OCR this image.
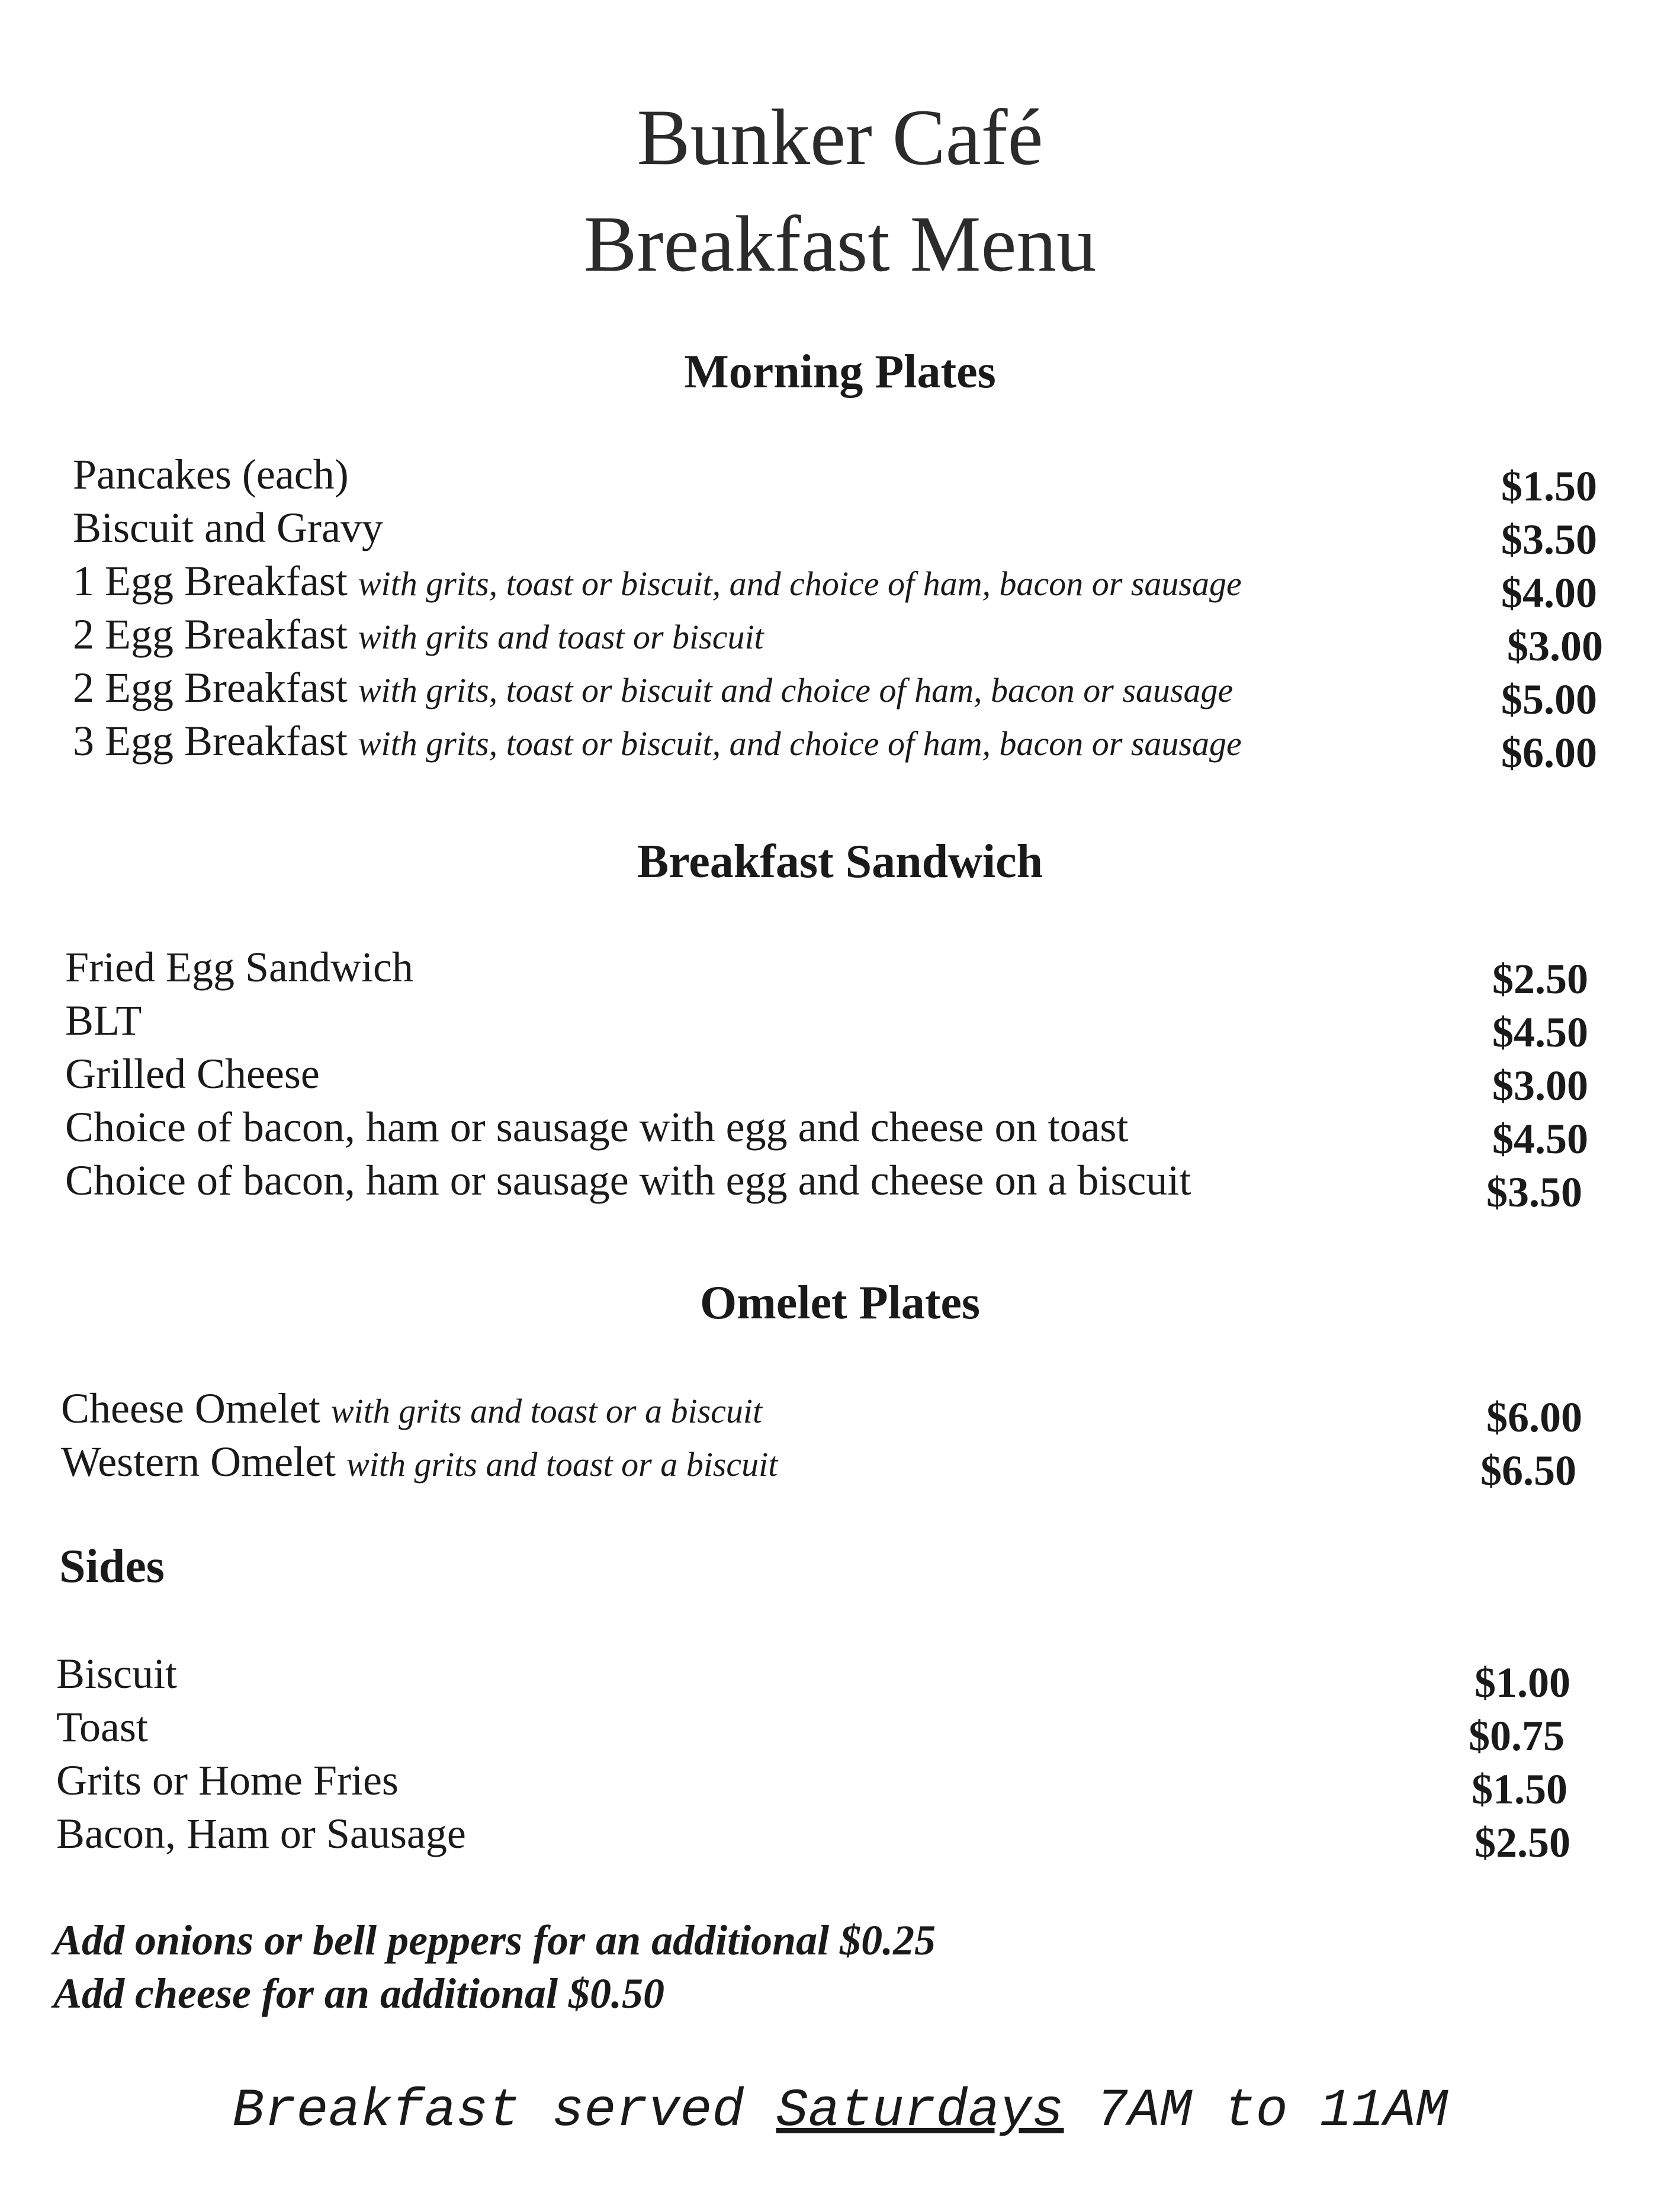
Bunker Café
Breakfast Menu
Morning Plates
Pancakes (each)	$1.50
Biscuit and Gravy	$3.50
1 Egg Breakfast with grits, toast or biscuit, and choice of ham, bacon or sausage	$4.00
2 Egg Breakfast with grits and toast or biscuit	$3.00
2 Egg Breakfast with grits, toast or biscuit and choice of ham, bacon or sausage	$5.00
3 Egg Breakfast with grits, toast or biscuit, and choice of ham, bacon or sausage	$6.00
Breakfast Sandwich
Fried Egg Sandwich	$2.50
BLT	$4.50
Grilled Cheese	$3.00
Choice of bacon, ham or sausage with egg and cheese on toast	$4.50
Choice of bacon, ham or sausage with egg and cheese on a biscuit	$3.50
Omelet Plates
Cheese Omelet with grits and toast or a biscuit	$6.00
Western Omelet with grits and toast or a biscuit	$6.50
Sides
Biscuit	$1.00
Toast	$0.75
Grits or Home Fries	$1.50
Bacon, Ham or Sausage	$2.50
Add onions or bell peppers for an additional $0.25
Add cheese for an additional $0.50
Breakfast served Saturdays 7AM to 11AM
